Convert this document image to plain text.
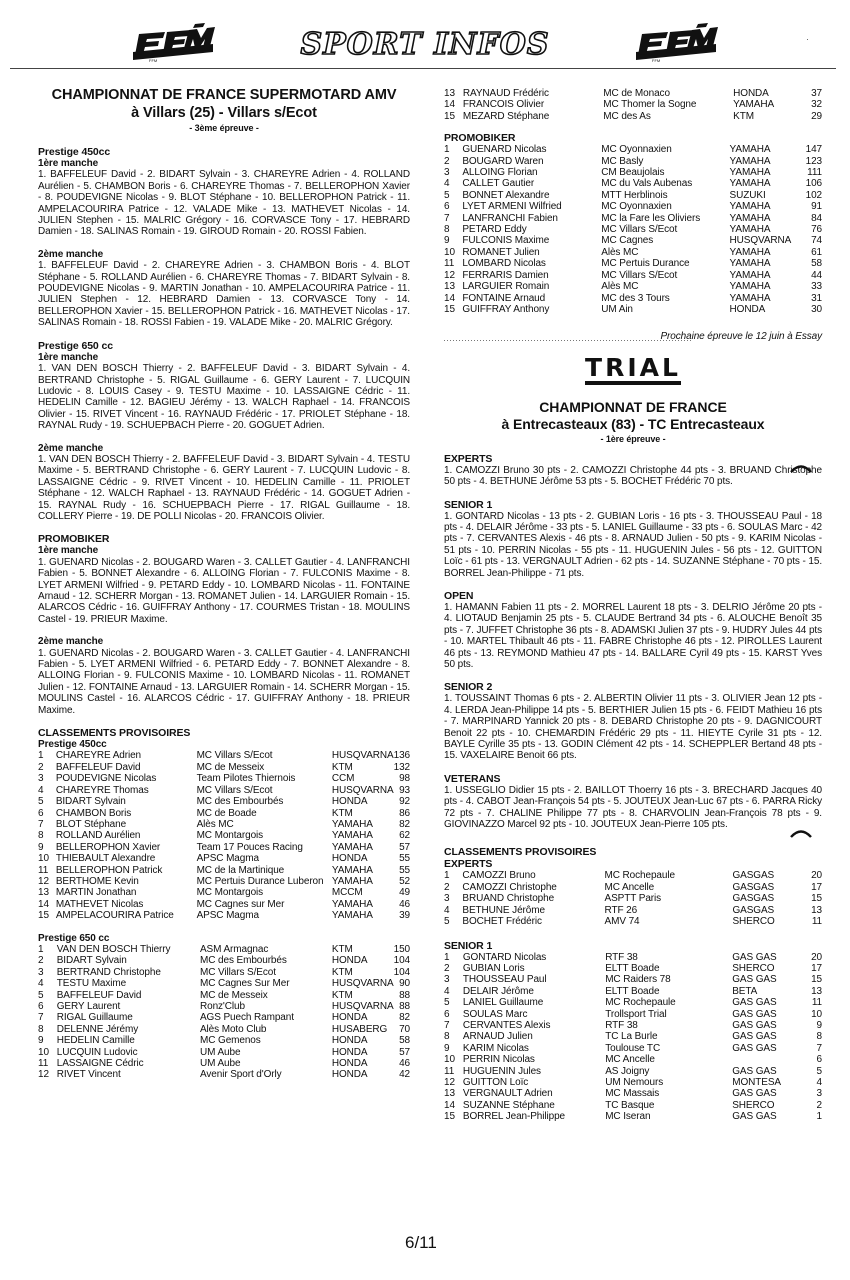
FFM	SPORT INFOS	FFM
·
CHAMPIONNAT DE FRANCE SUPERMOTARD AMV
à Villars (25) - Villars s/Ecot
- 3ème épreuve -
Prestige 450cc
1ère manche
1. BAFFELEUF David - 2. BIDART Sylvain - 3. CHAREYRE Adrien - 4. ROLLAND Aurélien - 5. CHAMBON Boris - 6. CHAREYRE Thomas - 7. BELLEROPHON Xavier - 8. POUDEVIGNE Nicolas - 9. BLOT Stéphane - 10. BELLEROPHON Patrick - 11. AMPELACOURIRA Patrice - 12. VALADE Mike - 13. MATHEVET Nicolas - 14. JULIEN Stephen - 15. MALRIC Grégory - 16. CORVASCE Tony - 17. HEBRARD Damien - 18. SALINAS Romain - 19. GIROUD Romain - 20. ROSSI Fabien.
2ème manche
1. BAFFELEUF David - 2. CHAREYRE Adrien - 3. CHAMBON Boris - 4. BLOT Stéphane - 5. ROLLAND Aurélien - 6. CHAREYRE Thomas - 7. BIDART Sylvain - 8. POUDEVIGNE Nicolas - 9. MARTIN Jonathan - 10. AMPELACOURIRA Patrice - 11. JULIEN Stephen - 12. HEBRARD Damien - 13. CORVASCE Tony - 14. BELLEROPHON Xavier - 15. BELLEROPHON Patrick - 16. MATHEVET Nicolas - 17. SALINAS Romain - 18. ROSSI Fabien - 19. VALADE Mike - 20. MALRIC Grégory.
Prestige 650 cc
1ère manche
1. VAN DEN BOSCH Thierry - 2. BAFFELEUF David - 3. BIDART Sylvain - 4. BERTRAND Christophe - 5. RIGAL Guillaume - 6. GERY Laurent - 7. LUCQUIN Ludovic - 8. LOUIS Casey - 9. TESTU Maxime - 10. LASSAIGNE Cédric - 11. HEDELIN Camille - 12. BAGIEU Jérémy - 13. WALCH Raphael - 14. FRANCOIS Olivier - 15. RIVET Vincent - 16. RAYNAUD Frédéric - 17. PRIOLET Stéphane - 18. RAYNAL Rudy - 19. SCHUEPBACH Pierre - 20. GOGUET Adrien.
2ème manche
1. VAN DEN BOSCH Thierry - 2. BAFFELEUF David - 3. BIDART Sylvain - 4. TESTU Maxime - 5. BERTRAND Christophe - 6. GERY Laurent - 7. LUCQUIN Ludovic - 8. LASSAIGNE Cédric - 9. RIVET Vincent - 10. HEDELIN Camille - 11. PRIOLET Stéphane - 12. WALCH Raphael - 13. RAYNAUD Frédéric - 14. GOGUET Adrien - 15. RAYNAL Rudy - 16. SCHUEPBACH Pierre - 17. RIGAL Guillaume - 18. COLLERY Pierre - 19. DE POLLI Nicolas - 20. FRANCOIS Olivier.
PROMOBIKER
1ère manche
1. GUENARD Nicolas - 2. BOUGARD Waren - 3. CALLET Gautier - 4. LANFRANCHI Fabien - 5. BONNET Alexandre - 6. ALLOING Florian - 7. FULCONIS Maxime - 8. LYET ARMENI Wilfried - 9. PETARD Eddy - 10. LOMBARD Nicolas - 11. FONTAINE Arnaud - 12. SCHERR Morgan - 13. ROMANET Julien - 14. LARGUIER Romain - 15. ALARCOS Cédric - 16. GUIFFRAY Anthony - 17. COURMES Tristan - 18. MOULINS Castel - 19. PRIEUR Maxime.
2ème manche
1. GUENARD Nicolas - 2. BOUGARD Waren - 3. CALLET Gautier - 4. LANFRANCHI Fabien - 5. LYET ARMENI Wilfried - 6. PETARD Eddy - 7. BONNET Alexandre - 8. ALLOING Florian - 9. FULCONIS Maxime - 10. LOMBARD Nicolas - 11. ROMANET Julien - 12. FONTAINE Arnaud - 13. LARGUIER Romain - 14. SCHERR Morgan - 15. MOULINS Castel - 16. ALARCOS Cédric - 17. GUIFFRAY Anthony - 18. PRIEUR Maxime.
CLASSEMENTS PROVISOIRES
Prestige 450cc
1	CHAREYRE Adrien	MC Villars S/Ecot	HUSQVARNA	136
2	BAFFELEUF David	MC de Messeix	KTM	132
3	POUDEVIGNE Nicolas	Team Pilotes Thiernois	CCM	98
4	CHAREYRE Thomas	MC Villars S/Ecot	HUSQVARNA	93
5	BIDART Sylvain	MC des Embourbés	HONDA	92
6	CHAMBON Boris	MC de Boade	KTM	86
7	BLOT Stéphane	Alès MC	YAMAHA	82
8	ROLLAND Aurélien	MC Montargois	YAMAHA	62
9	BELLEROPHON Xavier	Team 17 Pouces Racing	YAMAHA	57
10	THIEBAULT Alexandre	APSC Magma	HONDA	55
11	BELLEROPHON Patrick	MC de la Martinique	YAMAHA	55
12	BERTHOME Kevin	MC Pertuis Durance Luberon	YAMAHA	52
13	MARTIN Jonathan	MC Montargois	MCCM	49
14	MATHEVET Nicolas	MC Cagnes sur Mer	YAMAHA	46
15	AMPELACOURIRA Patrice	APSC Magma	YAMAHA	39
Prestige 650 cc
1	VAN DEN BOSCH Thierry	ASM Armagnac	KTM	150
2	BIDART Sylvain	MC des Embourbés	HONDA	104
3	BERTRAND Christophe	MC Villars S/Ecot	KTM	104
4	TESTU Maxime	MC Cagnes Sur Mer	HUSQVARNA	90
5	BAFFELEUF David	MC de Messeix	KTM	88
6	GERY Laurent	Ronz'Club	HUSQVARNA	88
7	RIGAL Guillaume	AGS Puech Rampant	HONDA	82
8	DELENNE Jérémy	Alès Moto Club	HUSABERG	70
9	HEDELIN Camille	MC Gemenos	HONDA	58
10	LUCQUIN Ludovic	UM Aube	HONDA	57
11	LASSAIGNE Cédric	UM Aube	HONDA	46
12	RIVET Vincent	Avenir Sport d'Orly	HONDA	42
13	RAYNAUD Frédéric	MC de Monaco	HONDA	37
14	FRANCOIS Olivier	MC Thomer la Sogne	YAMAHA	32
15	MEZARD Stéphane	MC des As	KTM	29
PROMOBIKER
1	GUENARD Nicolas	MC Oyonnaxien	YAMAHA	147
2	BOUGARD Waren	MC Basly	YAMAHA	123
3	ALLOING Florian	CM Beaujolais	YAMAHA	111
4	CALLET Gautier	MC du Vals Aubenas	YAMAHA	106
5	BONNET Alexandre	MTT Herblinois	SUZUKI	102
6	LYET ARMENI Wilfried	MC Oyonnaxien	YAMAHA	91
7	LANFRANCHI Fabien	MC la Fare les Oliviers	YAMAHA	84
8	PETARD Eddy	MC Villars S/Ecot	YAMAHA	76
9	FULCONIS Maxime	MC Cagnes	HUSQVARNA	74
10	ROMANET Julien	Alès MC	YAMAHA	61
11	LOMBARD Nicolas	MC Pertuis Durance	YAMAHA	58
12	FERRARIS Damien	MC Villars S/Ecot	YAMAHA	44
13	LARGUIER Romain	Alès MC	YAMAHA	33
14	FONTAINE Arnaud	MC des 3 Tours	YAMAHA	31
15	GUIFFRAY Anthony	UM Ain	HONDA	30
Prochaine épreuve le 12 juin à Essay
TRIAL
CHAMPIONNAT DE FRANCE
à Entrecasteaux (83) - TC Entrecasteaux
- 1ère épreuve -
EXPERTS
1. CAMOZZI Bruno 30 pts - 2. CAMOZZI Christophe 44 pts - 3. BRUAND Christophe 50 pts - 4. BETHUNE Jérôme 53 pts - 5. BOCHET Frédéric 70 pts.
SENIOR 1
1. GONTARD Nicolas - 13 pts - 2. GUBIAN Loris - 16 pts - 3. THOUSSEAU Paul - 18 pts - 4. DELAIR Jérôme - 33 pts - 5. LANIEL Guillaume - 33 pts - 6. SOULAS Marc - 42 pts - 7. CERVANTES Alexis - 46 pts - 8. ARNAUD Julien - 50 pts - 9. KARIM Nicolas - 51 pts - 10. PERRIN Nicolas - 55 pts - 11. HUGUENIN Jules - 56 pts - 12. GUITTON Loïc - 61 pts - 13. VERGNAULT Adrien - 62 pts - 14. SUZANNE Stéphane - 70 pts - 15. BORREL Jean-Philippe - 71 pts.
OPEN
1. HAMANN Fabien 11 pts - 2. MORREL Laurent 18 pts - 3. DELRIO Jérôme 20 pts - 4. LIOTAUD Benjamin 25 pts - 5. CLAUDE Bertrand 34 pts - 6. ALOUCHE Benoît 35 pts - 7. JUFFET Christophe 36 pts - 8. ADAMSKI Julien 37 pts - 9. HUDRY Jules 44 pts - 10. MARTEL Thibault 46 pts - 11. FABRE Christophe 46 pts - 12. PIROLLES Laurent 46 pts - 13. REYMOND Mathieu 47 pts - 14. BALLARE Cyril 49 pts - 15. KARST Yves 50 pts.
SENIOR 2
1. TOUSSAINT Thomas 6 pts - 2. ALBERTIN Olivier 11 pts - 3. OLIVIER Jean 12 pts - 4. LERDA Jean-Philippe 14 pts - 5. BERTHIER Julien 15 pts - 6. FEIDT Mathieu 16 pts - 7. MARPINARD Yannick 20 pts - 8. DEBARD Christophe 20 pts - 9. DAGNICOURT Benoit 22 pts - 10. CHEMARDIN Frédéric 29 pts - 11. HIEYTE Cyrile 31 pts - 12. BAYLE Cyrille 35 pts - 13. GODIN Clément 42 pts - 14. SCHEPPLER Bertand 48 pts - 15. VAXELAIRE Benoit 66 pts.
VETERANS
1. USSEGLIO Didier 15 pts - 2. BAILLOT Thoerry 16 pts - 3. BRECHARD Jacques 40 pts - 4. CABOT Jean-François 54 pts - 5. JOUTEUX Jean-Luc 67 pts - 6. PARRA Ricky 72 pts - 7. CHALINE Philippe 77 pts - 8. CHARVOLIN Jean-François 78 pts - 9. GIOVINAZZO Marcel 92 pts - 10. JOUTEUX Jean-Pierre 105 pts.
CLASSEMENTS PROVISOIRES
EXPERTS
1	CAMOZZI Bruno	MC Rochepaule	GASGAS	20
2	CAMOZZI Christophe	MC Ancelle	GASGAS	17
3	BRUAND Christophe	ASPTT Paris	GASGAS	15
4	BETHUNE Jérôme	RTF 26	GASGAS	13
5	BOCHET Frédéric	AMV 74	SHERCO	11
SENIOR 1
1	GONTARD Nicolas	RTF 38	GAS GAS	20
2	GUBIAN Loris	ELTT Boade	SHERCO	17
3	THOUSSEAU Paul	MC Raiders 78	GAS GAS	15
4	DELAIR Jérôme	ELTT Boade	BETA	13
5	LANIEL Guillaume	MC Rochepaule	GAS GAS	11
6	SOULAS Marc	Trollsport Trial	GAS GAS	10
7	CERVANTES Alexis	RTF 38	GAS GAS	9
8	ARNAUD Julien	TC La Burle	GAS GAS	8
9	KARIM Nicolas	Toulouse TC	GAS GAS	7
10	PERRIN Nicolas	MC Ancelle		6
11	HUGUENIN Jules	AS Joigny	GAS GAS	5
12	GUITTON Loïc	UM Nemours	MONTESA	4
13	VERGNAULT Adrien	MC Massais	GAS GAS	3
14	SUZANNE Stéphane	TC Basque	SHERCO	2
15	BORREL Jean-Philippe	MC Iseran	GAS GAS	1
6/11
